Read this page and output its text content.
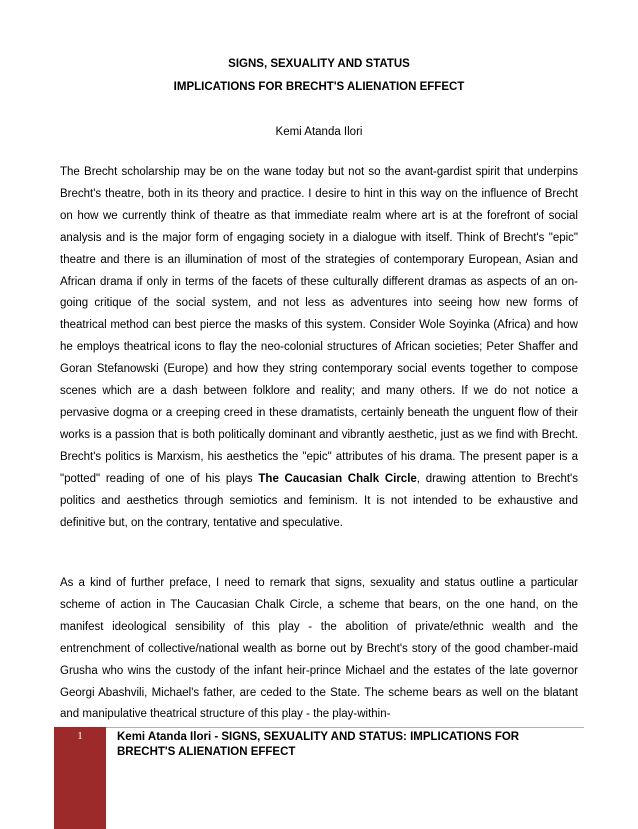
SIGNS, SEXUALITY AND STATUS
IMPLICATIONS FOR BRECHT'S ALIENATION EFFECT

Kemi Atanda Ilori

The Brecht scholarship may be on the wane today but not so the avant-gardist spirit that underpins Brecht's theatre, both in its theory and practice. I desire to hint in this way on the influence of Brecht on how we currently think of theatre as that immediate realm where art is at the forefront of social analysis and is the major form of engaging society in a dialogue with itself. Think of Brecht's "epic" theatre and there is an illumination of most of the strategies of contemporary European, Asian and African drama if only in terms of the facets of these culturally different dramas as aspects of an on-going critique of the social system, and not less as adventures into seeing how new forms of theatrical method can best pierce the masks of this system. Consider Wole Soyinka (Africa) and how he employs theatrical icons to flay the neo-colonial structures of African societies; Peter Shaffer and Goran Stefanowski (Europe) and how they string contemporary social events together to compose scenes which are a dash between folklore and reality; and many others. If we do not notice a pervasive dogma or a creeping creed in these dramatists, certainly beneath the unguent flow of their works is a passion that is both politically dominant and vibrantly aesthetic, just as we find with Brecht. Brecht's politics is Marxism, his aesthetics the "epic" attributes of his drama. The present paper is a "potted" reading of one of his plays The Caucasian Chalk Circle, drawing attention to Brecht's politics and aesthetics through semiotics and feminism. It is not intended to be exhaustive and definitive but, on the contrary, tentative and speculative.

As a kind of further preface, I need to remark that signs, sexuality and status outline a particular scheme of action in The Caucasian Chalk Circle, a scheme that bears, on the one hand, on the manifest ideological sensibility of this play - the abolition of private/ethnic wealth and the entrenchment of collective/national wealth as borne out by Brecht's story of the good chamber-maid Grusha who wins the custody of the infant heir-prince Michael and the estates of the late governor Georgi Abashvili, Michael's father, are ceded to the State. The scheme bears as well on the blatant and manipulative theatrical structure of this play - the play-within-

1	Kemi Atanda Ilori - SIGNS, SEXUALITY AND STATUS: IMPLICATIONS FOR BRECHT'S ALIENATION EFFECT
